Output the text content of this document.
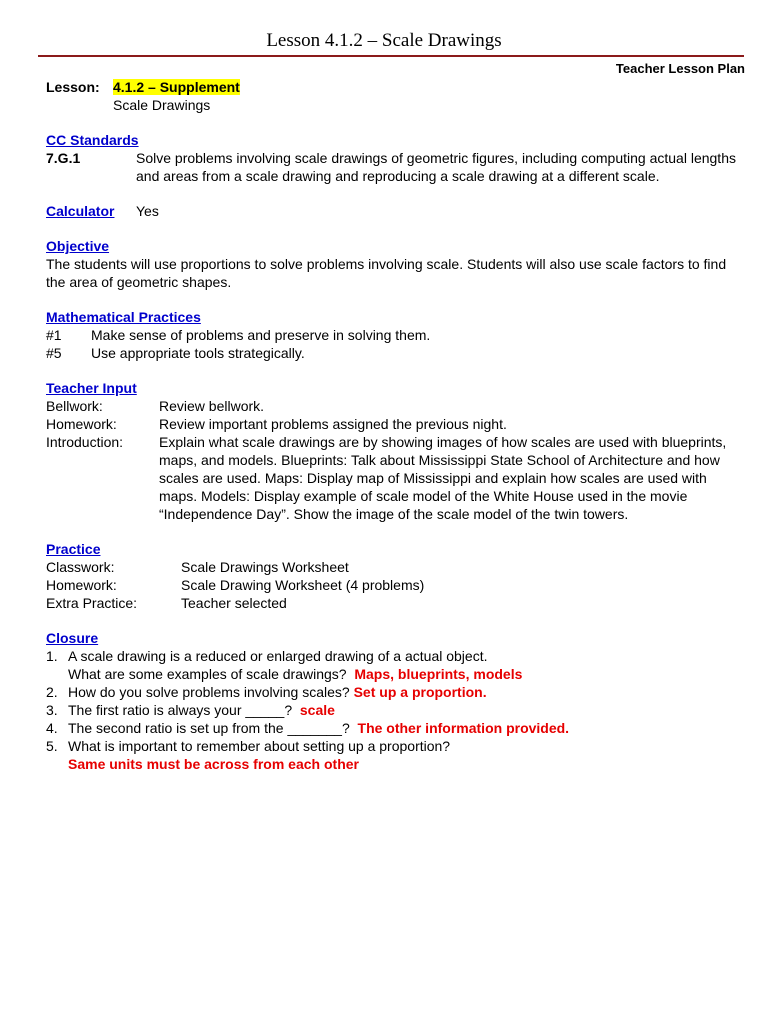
Lesson 4.1.2 – Scale Drawings
Teacher Lesson Plan
Lesson: 4.1.2 – Supplement
Scale Drawings
CC Standards
7.G.1	Solve problems involving scale drawings of geometric figures, including computing actual lengths and areas from a scale drawing and reproducing a scale drawing at a different scale.
Calculator	Yes
Objective
The students will use proportions to solve problems involving scale. Students will also use scale factors to find the area of geometric shapes.
Mathematical Practices
#1	Make sense of problems and preserve in solving them.
#5	Use appropriate tools strategically.
Teacher Input
Bellwork:	Review bellwork.
Homework:	Review important problems assigned the previous night.
Introduction:	Explain what scale drawings are by showing images of how scales are used with blueprints, maps, and models. Blueprints: Talk about Mississippi State School of Architecture and how scales are used. Maps: Display map of Mississippi and explain how scales are used with maps. Models: Display example of scale model of the White House used in the movie “Independence Day”. Show the image of the scale model of the twin towers.
Practice
Classwork:	Scale Drawings Worksheet
Homework:	Scale Drawing Worksheet (4 problems)
Extra Practice:	Teacher selected
Closure
1. A scale drawing is a reduced or enlarged drawing of a actual object.
What are some examples of scale drawings? Maps, blueprints, models
2. How do you solve problems involving scales? Set up a proportion.
3. The first ratio is always your _____? scale
4. The second ratio is set up from the _______? The other information provided.
5. What is important to remember about setting up a proportion?
Same units must be across from each other
